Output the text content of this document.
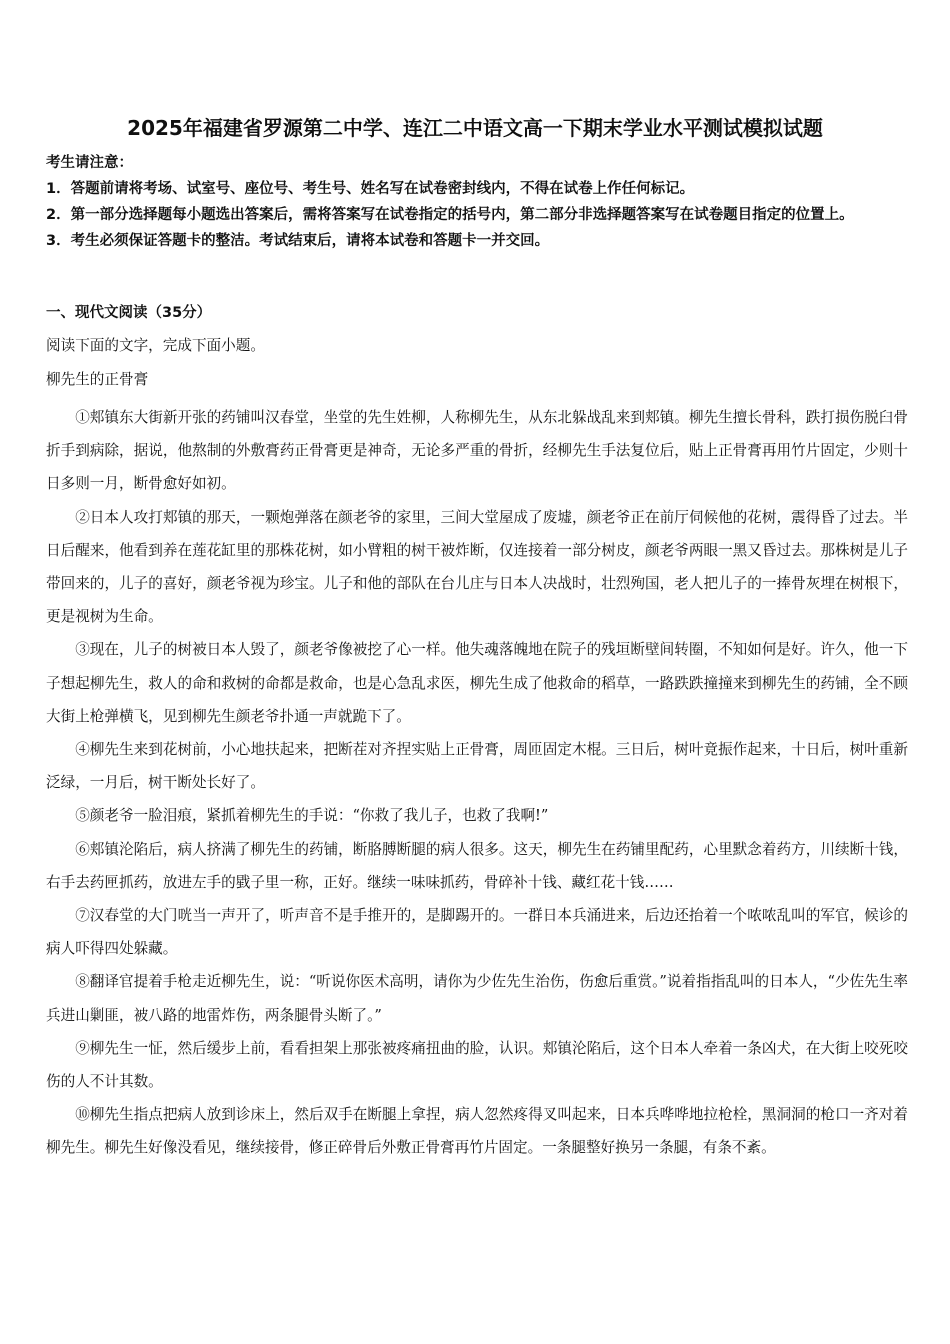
2025年福建省罗源第二中学、连江二中语文高一下期末学业水平测试模拟试题

考生请注意：

1．答题前请将考场、试室号、座位号、考生号、姓名写在试卷密封线内，不得在试卷上作任何标记。

2．第一部分选择题每小题选出答案后，需将答案写在试卷指定的括号内，第二部分非选择题答案写在试卷题目指定的位置上。

3．考生必须保证答题卡的整洁。考试结束后，请将本试卷和答题卡一并交回。

一、现代文阅读（35分）

阅读下面的文字，完成下面小题。

柳先生的正骨膏

①郏镇东大街新开张的药铺叫汉春堂，坐堂的先生姓柳，人称柳先生，从东北躲战乱来到郏镇。柳先生擅长骨科，跌打损伤脱臼骨折手到病除，据说，他熬制的外敷膏药正骨膏更是神奇，无论多严重的骨折，经柳先生手法复位后，贴上正骨膏再用竹片固定，少则十日多则一月，断骨愈好如初。

②日本人攻打郏镇的那天，一颗炮弹落在颜老爷的家里，三间大堂屋成了废墟，颜老爷正在前厅伺候他的花树，震得昏了过去。半日后醒来，他看到养在莲花缸里的那株花树，如小臂粗的树干被炸断，仅连接着一部分树皮，颜老爷两眼一黑又昏过去。那株树是儿子带回来的，儿子的喜好，颜老爷视为珍宝。儿子和他的部队在台儿庄与日本人决战时，壮烈殉国，老人把儿子的一捧骨灰埋在树根下，更是视树为生命。

③现在，儿子的树被日本人毁了，颜老爷像被挖了心一样。他失魂落魄地在院子的残垣断壁间转圈，不知如何是好。许久，他一下子想起柳先生，救人的命和救树的命都是救命，也是心急乱求医，柳先生成了他救命的稻草，一路跌跌撞撞来到柳先生的药铺，全不顾大街上枪弹横飞，见到柳先生颜老爷扑通一声就跪下了。

④柳先生来到花树前，小心地扶起来，把断茬对齐捏实贴上正骨膏，周匝固定木棍。三日后，树叶竟振作起来，十日后，树叶重新泛绿，一月后，树干断处长好了。

⑤颜老爷一脸泪痕，紧抓着柳先生的手说：“你救了我儿子，也救了我啊!”

⑥郏镇沦陷后，病人挤满了柳先生的药铺，断胳膊断腿的病人很多。这天，柳先生在药铺里配药，心里默念着药方，川续断十钱，右手去药匣抓药，放进左手的戥子里一称，正好。继续一味味抓药，骨碎补十钱、藏红花十钱……

⑦汉春堂的大门咣当一声开了，听声音不是手推开的，是脚踢开的。一群日本兵涌进来，后边还抬着一个哝哝乱叫的军官，候诊的病人吓得四处躲藏。

⑧翻译官提着手枪走近柳先生，说：“听说你医术高明，请你为少佐先生治伤，伤愈后重赏。”说着指指乱叫的日本人，“少佐先生率兵进山剿匪，被八路的地雷炸伤，两条腿骨头断了。”

⑨柳先生一怔，然后缓步上前，看看担架上那张被疼痛扭曲的脸，认识。郏镇沦陷后，这个日本人牵着一条凶犬，在大街上咬死咬伤的人不计其数。

⑩柳先生指点把病人放到诊床上，然后双手在断腿上拿捏，病人忽然疼得叉叫起来，日本兵哗哗地拉枪栓，黑洞洞的枪口一齐对着柳先生。柳先生好像没看见，继续接骨，修正碎骨后外敷正骨膏再竹片固定。一条腿整好换另一条腿，有条不紊。
